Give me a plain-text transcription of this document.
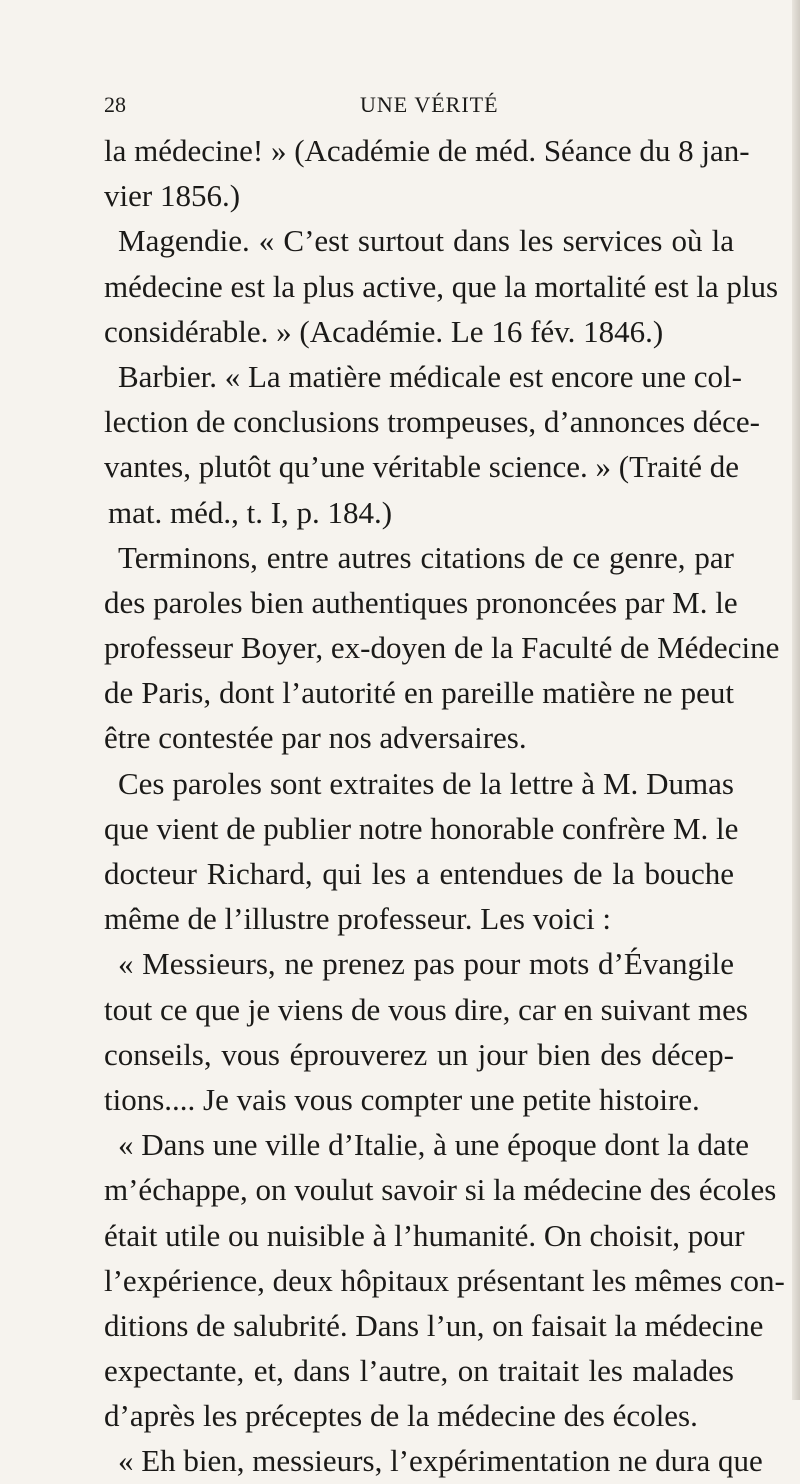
28	UNE VÉRITÉ
la médecine! » (Académie de méd. Séance du 8 jan-
vier 1856.)
Magendie. « C’est surtout dans les services où la
médecine est la plus active, que la mortalité est la plus
considérable. » (Académie. Le 16 fév. 1846.)
Barbier. « La matière médicale est encore une col-
lection de conclusions trompeuses, d’annonces déce-
vantes, plutôt qu’une véritable science. » (Traité de
mat. méd., t. I, p. 184.)
Terminons, entre autres citations de ce genre, par
des paroles bien authentiques prononcées par M. le
professeur Boyer, ex-doyen de la Faculté de Médecine
de Paris, dont l’autorité en pareille matière ne peut
être contestée par nos adversaires.
Ces paroles sont extraites de la lettre à M. Dumas
que vient de publier notre honorable confrère M. le
docteur Richard, qui les a entendues de la bouche
même de l’illustre professeur. Les voici :
« Messieurs, ne prenez pas pour mots d’Évangile
tout ce que je viens de vous dire, car en suivant mes
conseils, vous éprouverez un jour bien des décep-
tions.... Je vais vous compter une petite histoire.
« Dans une ville d’Italie, à une époque dont la date
m’échappe, on voulut savoir si la médecine des écoles
était utile ou nuisible à l’humanité. On choisit, pour
l’expérience, deux hôpitaux présentant les mêmes con-
ditions de salubrité. Dans l’un, on faisait la médecine
expectante, et, dans l’autre, on traitait les malades
d’après les préceptes de la médecine des écoles.
« Eh bien, messieurs, l’expérimentation ne dura que
